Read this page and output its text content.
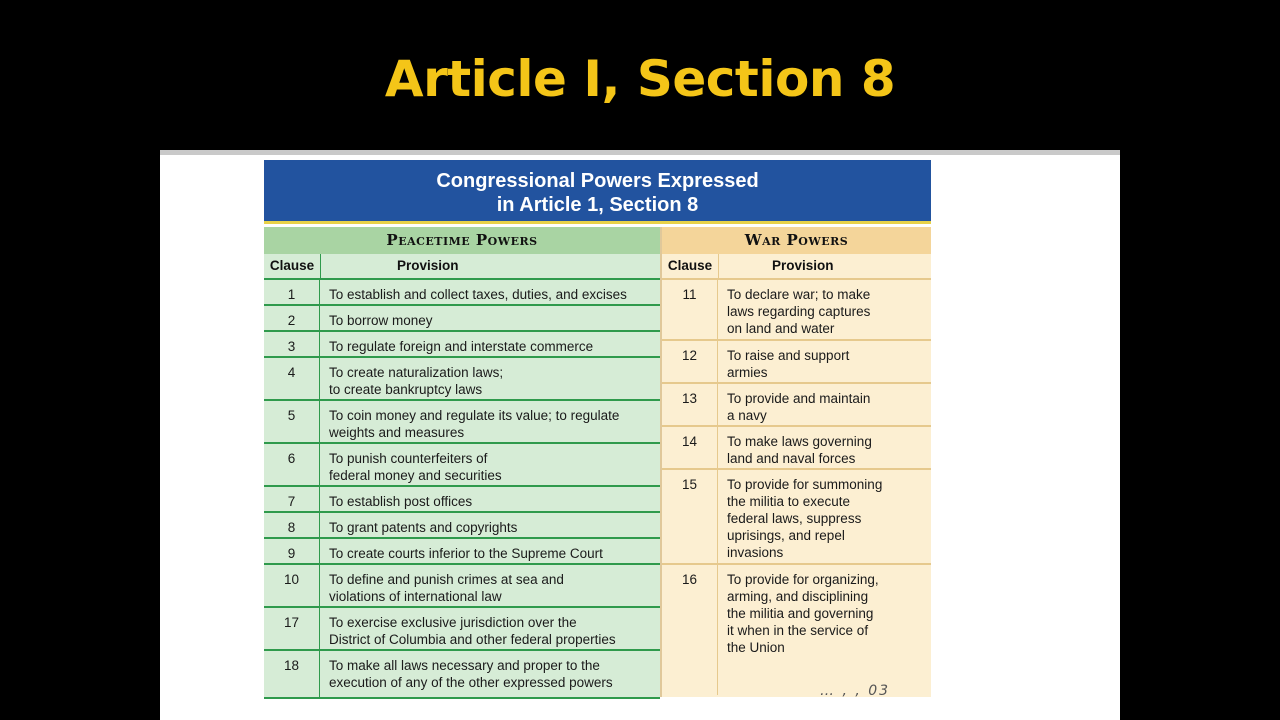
Article I, Section 8
Congressional Powers Expressed
in Article 1, Section 8
Peacetime Powers
Clause	Provision
1	To establish and collect taxes, duties, and excises
2	To borrow money
3	To regulate foreign and interstate commerce
4	To create naturalization laws;
to create bankruptcy laws
5	To coin money and regulate its value; to regulate
weights and measures
6	To punish counterfeiters of
federal money and securities
7	To establish post offices
8	To grant patents and copyrights
9	To create courts inferior to the Supreme Court
10	To define and punish crimes at sea and
violations of international law
17	To exercise exclusive jurisdiction over the
District of Columbia and other federal properties
18	To make all laws necessary and proper to the
execution of any of the other expressed powers
War Powers
Clause	Provision
11	To declare war; to make
laws regarding captures
on land and water
12	To raise and support
armies
13	To provide and maintain
a navy
14	To make laws governing
land and naval forces
15	To provide for summoning
the militia to execute
federal laws, suppress
uprisings, and repel
invasions
16	To provide for organizing,
arming, and disciplining
the militia and governing
it when in the service of
the Union
… , , 03
